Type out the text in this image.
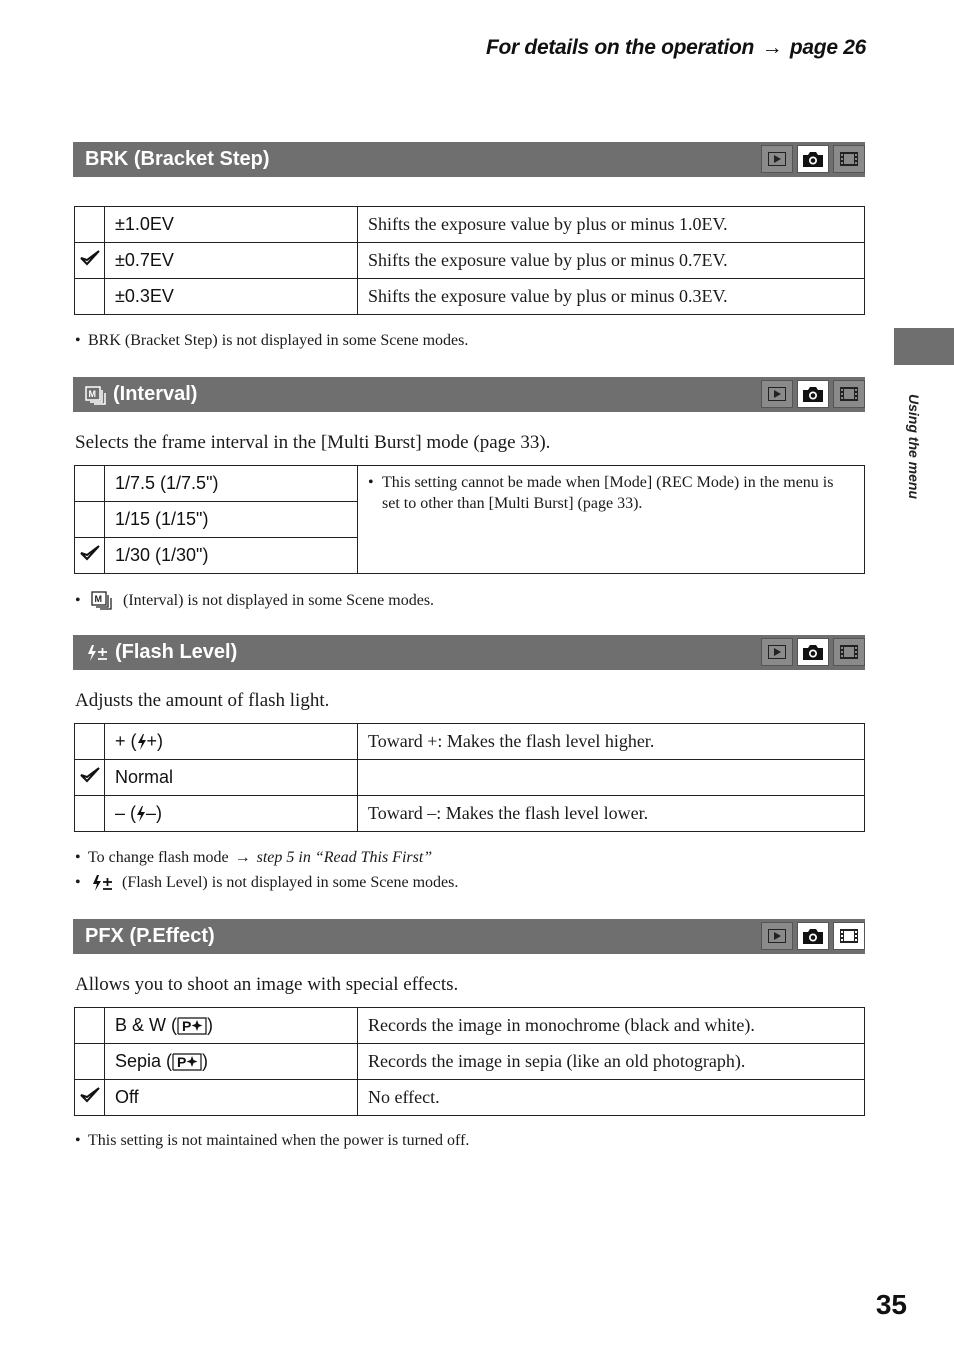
For details on the operation → page 26
Using the menu
BRK (Bracket Step)
	±1.0EV	Shifts the exposure value by plus or minus 1.0EV.
	±0.7EV	Shifts the exposure value by plus or minus 0.7EV.
	±0.3EV	Shifts the exposure value by plus or minus 0.3EV.
• BRK (Bracket Step) is not displayed in some Scene modes.
M (Interval)
Selects the frame interval in the [Multi Burst] mode (page 33).
	1/7.5 (1/7.5")	• This setting cannot be made when [Mode] (REC Mode) in the menu is set to other than [Multi Burst] (page 33).

	1/15 (1/15")	
	1/30 (1/30")	
•	M (Interval) is not displayed in some Scene modes.
(Flash Level)
Adjusts the amount of flash light.
	+ ( +)	Toward +: Makes the flash level higher.
	Normal	
	– ( –)	Toward –: Makes the flash level lower.
• To change flash mode → step 5 in “Read This First”
•	(Flash Level) is not displayed in some Scene modes.
PFX (P.Effect)
Allows you to shoot an image with special effects.
	B & W ( P )	Records the image in monochrome (black and white).
	Sepia ( P )	Records the image in sepia (like an old photograph).
	Off	No effect.
• This setting is not maintained when the power is turned off.
35
